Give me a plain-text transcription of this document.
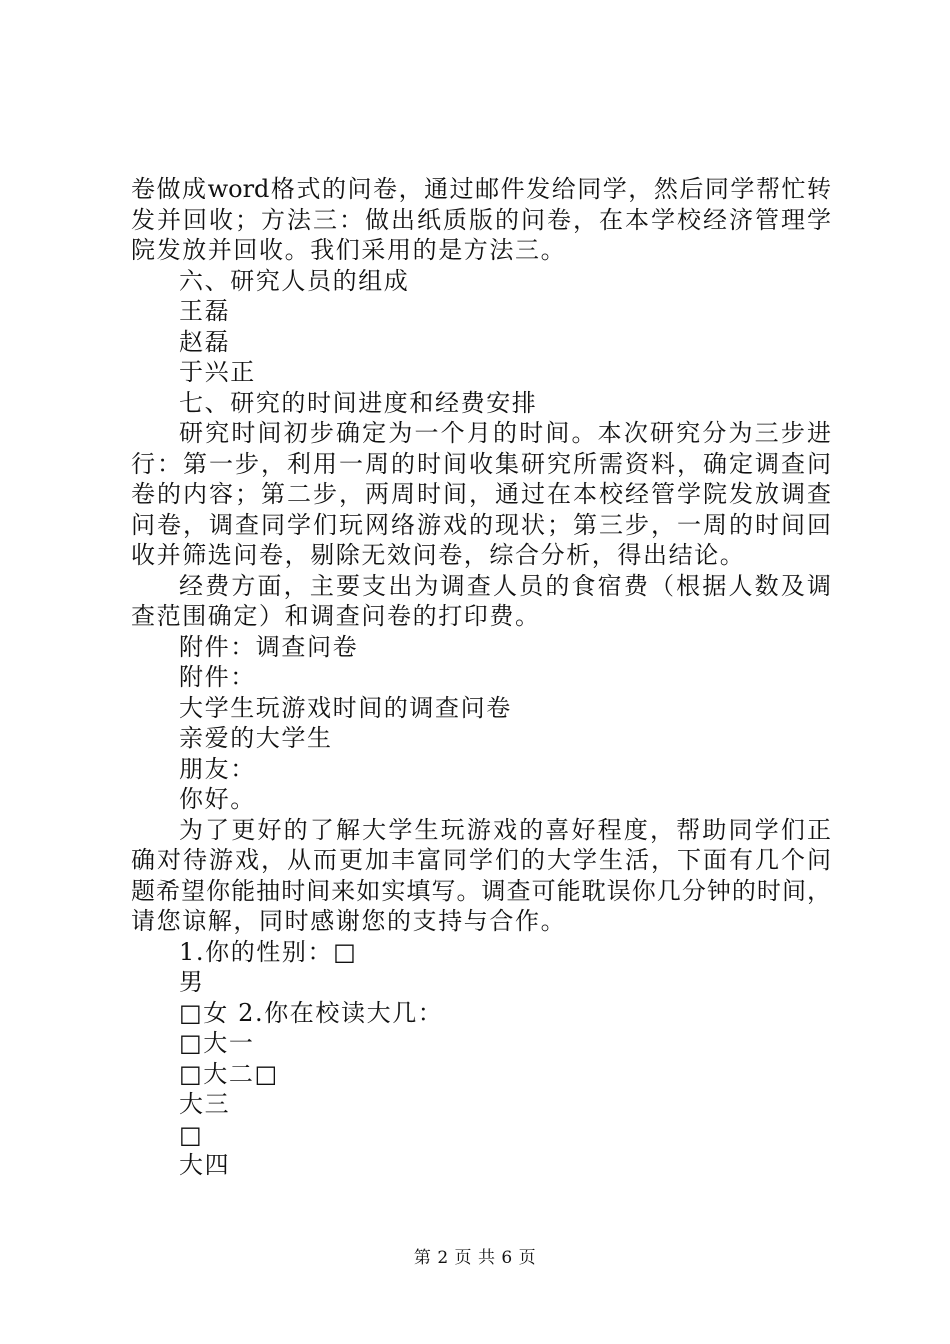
卷做成word格式的问卷，通过邮件发给同学，然后同学帮忙转
发并回收；方法三：做出纸质版的问卷，在本学校经济管理学
院发放并回收。我们采用的是方法三。
六、研究人员的组成
王磊
赵磊
于兴正
七、研究的时间进度和经费安排
研究时间初步确定为一个月的时间。本次研究分为三步进
行：第一步，利用一周的时间收集研究所需资料，确定调查问
卷的内容；第二步，两周时间，通过在本校经管学院发放调查
问卷，调查同学们玩网络游戏的现状；第三步，一周的时间回
收并筛选问卷，剔除无效问卷，综合分析，得出结论。
经费方面，主要支出为调查人员的食宿费（根据人数及调
查范围确定）和调查问卷的打印费。
附件：调查问卷
附件：
大学生玩游戏时间的调查问卷
亲爱的大学生
朋友：
你好。
为了更好的了解大学生玩游戏的喜好程度，帮助同学们正
确对待游戏，从而更加丰富同学们的大学生活，下面有几个问
题希望你能抽时间来如实填写。调查可能耽误你几分钟的时间，
请您谅解，同时感谢您的支持与合作。
1.你的性别：□
男
□女 2.你在校读大几：
□大一
□大二□
大三
□
大四
第 2 页 共 6 页
